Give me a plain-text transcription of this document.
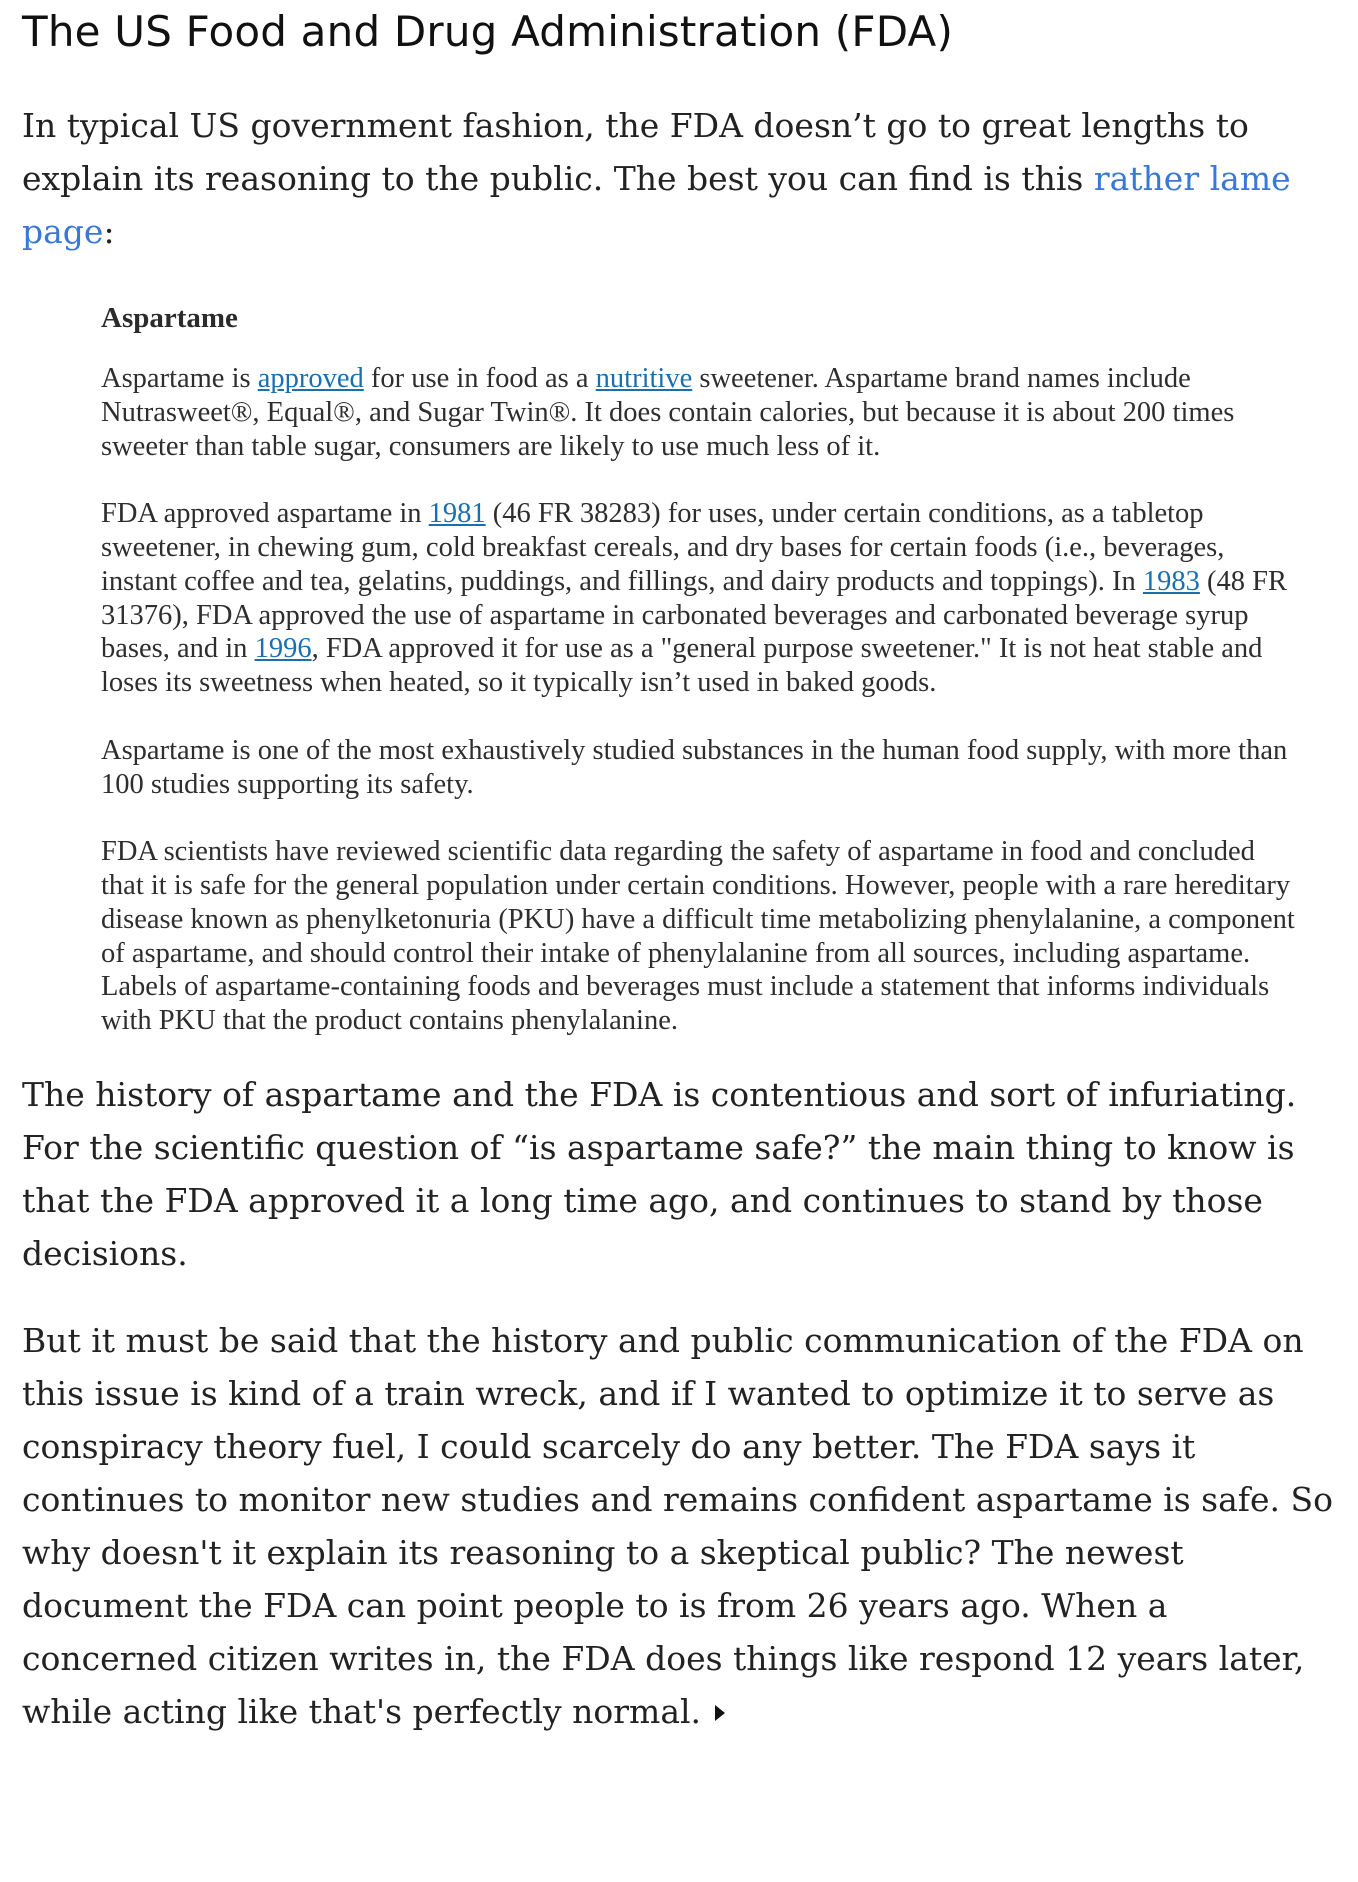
The US Food and Drug Administration (FDA)

In typical US government fashion, the FDA doesn’t go to great lengths to explain its reasoning to the public. The best you can find is this rather lame page:

Aspartame

Aspartame is approved for use in food as a nutritive sweetener. Aspartame brand names include Nutrasweet®, Equal®, and Sugar Twin®. It does contain calories, but because it is about 200 times sweeter than table sugar, consumers are likely to use much less of it.

FDA approved aspartame in 1981 (46 FR 38283) for uses, under certain conditions, as a tabletop sweetener, in chewing gum, cold breakfast cereals, and dry bases for certain foods (i.e., beverages, instant coffee and tea, gelatins, puddings, and fillings, and dairy products and toppings). In 1983 (48 FR 31376), FDA approved the use of aspartame in carbonated beverages and carbonated beverage syrup bases, and in 1996, FDA approved it for use as a "general purpose sweetener." It is not heat stable and loses its sweetness when heated, so it typically isn’t used in baked goods.

Aspartame is one of the most exhaustively studied substances in the human food supply, with more than 100 studies supporting its safety.

FDA scientists have reviewed scientific data regarding the safety of aspartame in food and concluded that it is safe for the general population under certain conditions. However, people with a rare hereditary disease known as phenylketonuria (PKU) have a difficult time metabolizing phenylalanine, a component of aspartame, and should control their intake of phenylalanine from all sources, including aspartame. Labels of aspartame-containing foods and beverages must include a statement that informs individuals with PKU that the product contains phenylalanine.

The history of aspartame and the FDA is contentious and sort of infuriating. For the scientific question of “is aspartame safe?” the main thing to know is that the FDA approved it a long time ago, and continues to stand by those decisions.

But it must be said that the history and public communication of the FDA on this issue is kind of a train wreck, and if I wanted to optimize it to serve as conspiracy theory fuel, I could scarcely do any better. The FDA says it continues to monitor new studies and remains confident aspartame is safe. So why doesn't it explain its reasoning to a skeptical public? The newest document the FDA can point people to is from 26 years ago. When a concerned citizen writes in, the FDA does things like respond 12 years later, while acting like that's perfectly normal.
